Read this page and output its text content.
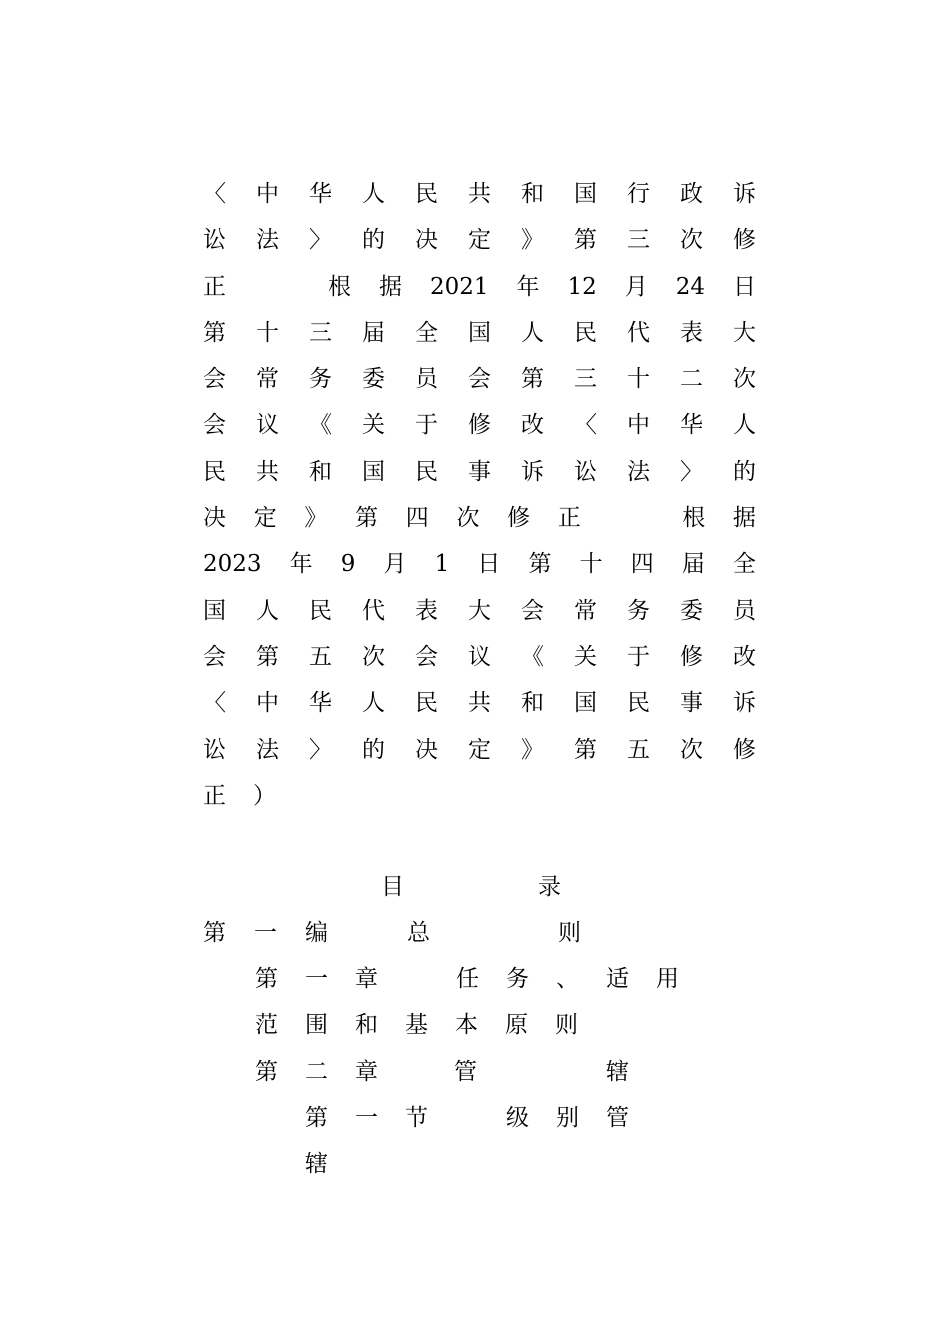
〈 中 华 人 民 共 和 国 行 政 诉
讼 法 〉 的 决 定 》 第 三 次 修
正	根 据 2021 年 12 月 24 日
第 十 三 届 全 国 人 民 代 表 大
会 常 务 委 员 会 第 三 十 二 次
会 议 《 关 于 修 改 〈 中 华 人
民 共 和 国 民 事 诉 讼 法 〉 的
决 定 》 第 四 次 修 正	根 据
2023 年 9 月 1 日 第 十 四 届 全
国 人 民 代 表 大 会 常 务 委 员
会 第 五 次 会 议 《 关 于 修 改
〈 中 华 人 民 共 和 国 民 事 诉
讼 法 〉 的 决 定 》 第 五 次 修
正 ）
目	录
第 一 编	总	则
第 一 章	任 务 、 适 用
范 围 和 基 本 原 则
第 二 章	管	辖
第 一 节	级 别 管
辖
